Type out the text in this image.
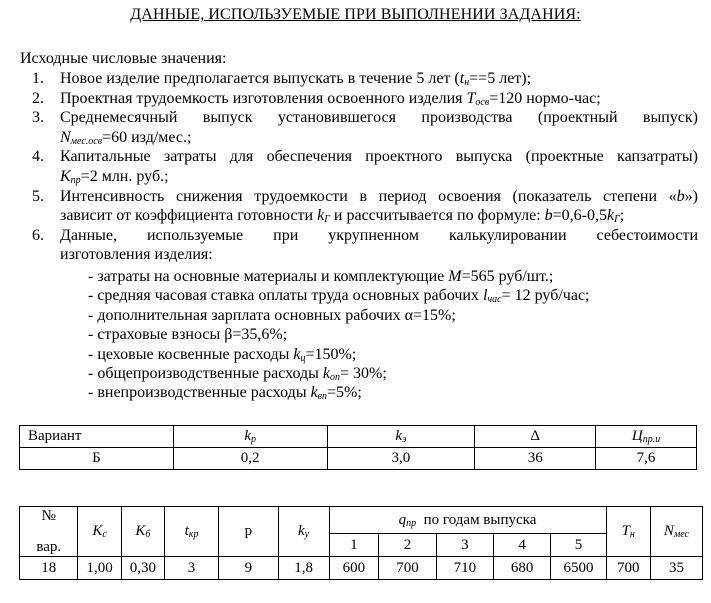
ДАННЫЕ, ИСПОЛЬЗУЕМЫЕ ПРИ ВЫПОЛНЕНИИ ЗАДАНИЯ:
Исходные числовые значения:
1. Новое изделие предполагается выпускать в течение 5 лет ($t_н==5$ лет);
2. Проектная трудоемкость изготовления освоенного изделия $T_{осв}=120$ нормо-час;
3. Среднемесячный выпуск установившегося производства (проектный выпуск)
$N_{мес.осв}=60$ изд/мес.;
4. Капитальные затраты для обеспечения проектного выпуска (проектные капзатраты)
$K_{пр}=2$ млн. руб.;
5. Интенсивность снижения трудоемкости в период освоения (показатель степени «b»)
зависит от коэффициента готовности $k_Г$ и рассчитывается по формуле: $b=0,6-0,5k_Г$;
6. Данные, используемые при укрупненном калькулировании себестоимости
изготовления изделия:
- затраты на основные материалы и комплектующие M=565 руб/шт.;
- средняя часовая ставка оплаты труда основных рабочих $l_{час}= 12$ руб/час;
- дополнительная зарплата основных рабочих α=15%;
- страховые взносы β=35,6%;
- цеховые косвенные расходы $k_ц=150\%$;
- общепроизводственные расходы $k_{оп}= 30\%$;
- внепроизводственные расходы $k_{вп}=5\%$;
Вариант	$k_р$	$k_э$	Δ	$Ц_{пр.и}$
Б	0,2	3,0	36	7,6
№
вар.	$K_с$	$K_б$	$t_{кр}$	p	$k_у$	$q_{пр}$  по годам выпуска					$T_н$	$N_{мес}$
						1	2	3	4	5		
18	1,00	0,30	3	9	1,8	600	700	710	680	6500	700	35
